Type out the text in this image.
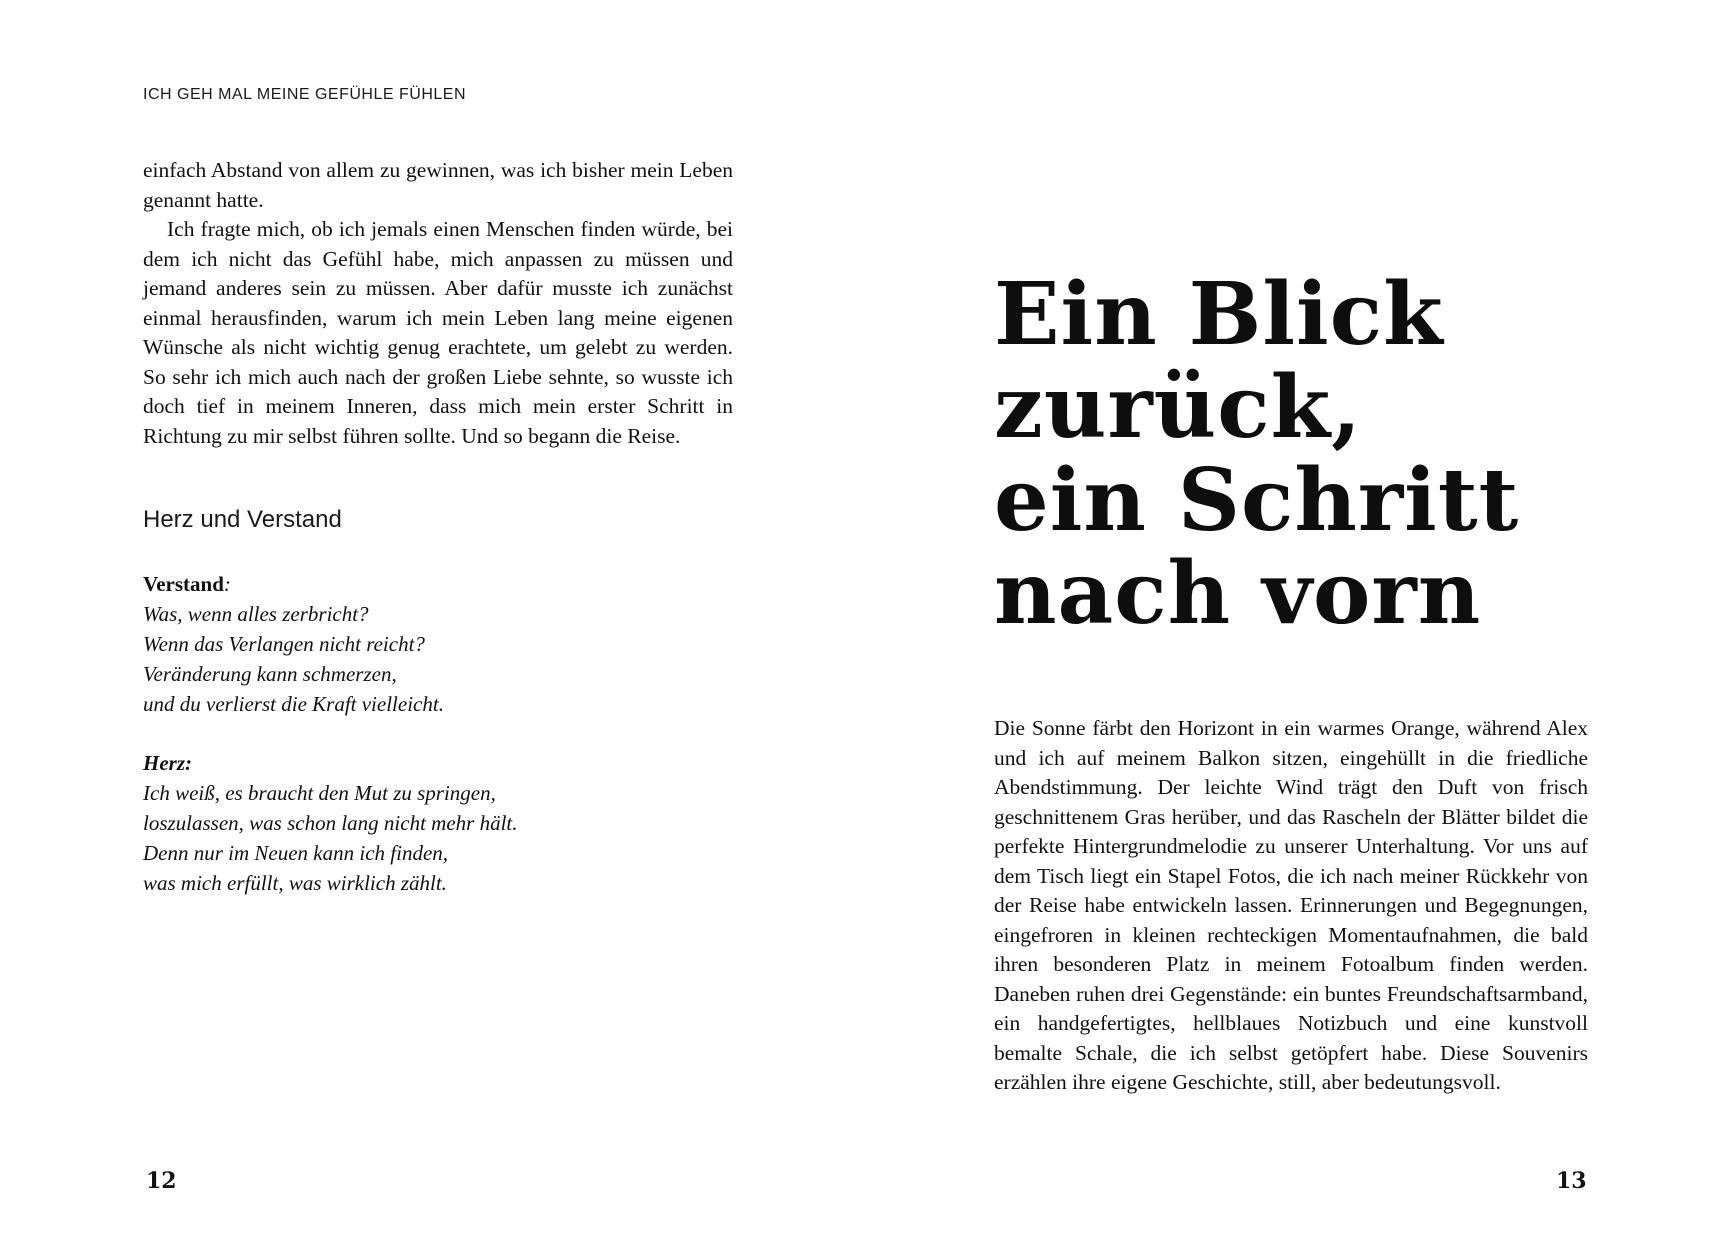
ICH GEH MAL MEINE GEFÜHLE FÜHLEN

einfach Abstand von allem zu gewinnen, was ich bisher mein Leben genannt hatte.

Ich fragte mich, ob ich jemals einen Menschen finden würde, bei dem ich nicht das Gefühl habe, mich anpassen zu müssen und jemand anderes sein zu müssen. Aber dafür musste ich zunächst einmal herausfinden, warum ich mein Leben lang meine eigenen Wünsche als nicht wichtig genug erachtete, um gelebt zu werden. So sehr ich mich auch nach der großen Liebe sehnte, so wusste ich doch tief in meinem Inneren, dass mich mein erster Schritt in Richtung zu mir selbst führen sollte. Und so begann die Reise.

Herz und Verstand
Verstand:
Was, wenn alles zerbricht?
Wenn das Verlangen nicht reicht?
Veränderung kann schmerzen,
und du verlierst die Kraft vielleicht.
Herz:
Ich weiß, es braucht den Mut zu springen,
loszulassen, was schon lang nicht mehr hält.
Denn nur im Neuen kann ich finden,
was mich erfüllt, was wirklich zählt.
12
Ein Blick
zurück,
ein Schritt
nach vorn

Die Sonne färbt den Horizont in ein warmes Orange, während Alex und ich auf meinem Balkon sitzen, eingehüllt in die friedliche Abendstimmung. Der leichte Wind trägt den Duft von frisch geschnittenem Gras herüber, und das Rascheln der Blätter bildet die perfekte Hintergrundmelodie zu unserer Unterhaltung. Vor uns auf dem Tisch liegt ein Stapel Fotos, die ich nach meiner Rückkehr von der Reise habe entwickeln lassen. Erinnerungen und Begegnungen, eingefroren in kleinen rechteckigen Momentaufnahmen, die bald ihren besonderen Platz in meinem Fotoalbum finden werden. Daneben ruhen drei Gegenstände: ein buntes Freundschaftsarmband, ein handgefertigtes, hellblaues Notizbuch und eine kunstvoll bemalte Schale, die ich selbst getöpfert habe. Diese Souvenirs erzählen ihre eigene Geschichte, still, aber bedeutungsvoll.

13
